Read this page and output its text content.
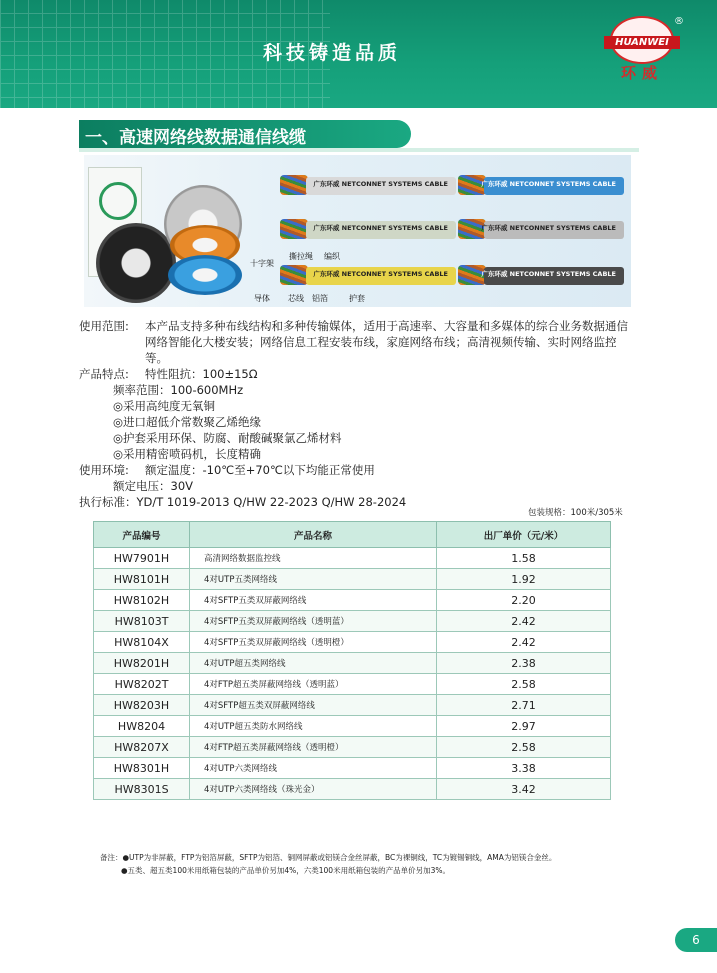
科技铸造品质	HUANWEI
环威
®
一、高速网络线数据通信线缆
广东环威 NETCONNET SYSTEMS CABLE
广东环威 NETCONNET SYSTEMS CABLE
广东环威 NETCONNET SYSTEMS CABLE
广东环威 NETCONNET SYSTEMS CABLE
广东环威 NETCONNET SYSTEMS CABLE
广东环威 NETCONNET SYSTEMS CABLE
十字架
撕拉绳 编织
导体 芯线 铝箔	护套
使用范围:	本产品支持多种布线结构和多种传输媒体，适用于高速率、大容量和多媒体的综合业务数据通信网络智能化大楼安装；网络信息工程安装布线，家庭网络布线；高清视频传输、实时网络监控等。
产品特点: 特性阻抗：100±15Ω
频率范围：100-600MHz
◎采用高纯度无氧铜
◎进口超低介常数聚乙烯绝缘
◎护套采用环保、防腐、耐酸碱聚氯乙烯材料
◎采用精密喷码机，长度精确
使用环境: 额定温度：-10℃至+70℃以下均能正常使用
额定电压：30V
执行标准：YD/T 1019-2013 Q/HW 22-2023 Q/HW 28-2024
包装规格：100米/305米
产品编号	产品名称	出厂单价（元/米）
HW7901H	高清网络数据监控线	1.58
HW8101H	4对UTP五类网络线	1.92
HW8102H	4对SFTP五类双屏蔽网络线	2.20
HW8103T	4对SFTP五类双屏蔽网络线（透明蓝）	2.42
HW8104X	4对SFTP五类双屏蔽网络线（透明橙）	2.42
HW8201H	4对UTP超五类网络线	2.38
HW8202T	4对FTP超五类屏蔽网络线（透明蓝）	2.58
HW8203H	4对SFTP超五类双屏蔽网络线	2.71
HW8204	4对UTP超五类防水网络线	2.97
HW8207X	4对FTP超五类屏蔽网络线（透明橙）	2.58
HW8301H	4对UTP六类网络线	3.38
HW8301S	4对UTP六类网络线（珠光金）	3.42
备注：●UTP为非屏蔽，FTP为铝箔屏蔽，SFTP为铝箔、铜网屏蔽或铝镁合金丝屏蔽，BC为裸铜线，TC为镀锡铜线，AMA为铝镁合金丝。
●五类、超五类100米用纸箱包装的产品单价另加4%，六类100米用纸箱包装的产品单价另加3%。
6
